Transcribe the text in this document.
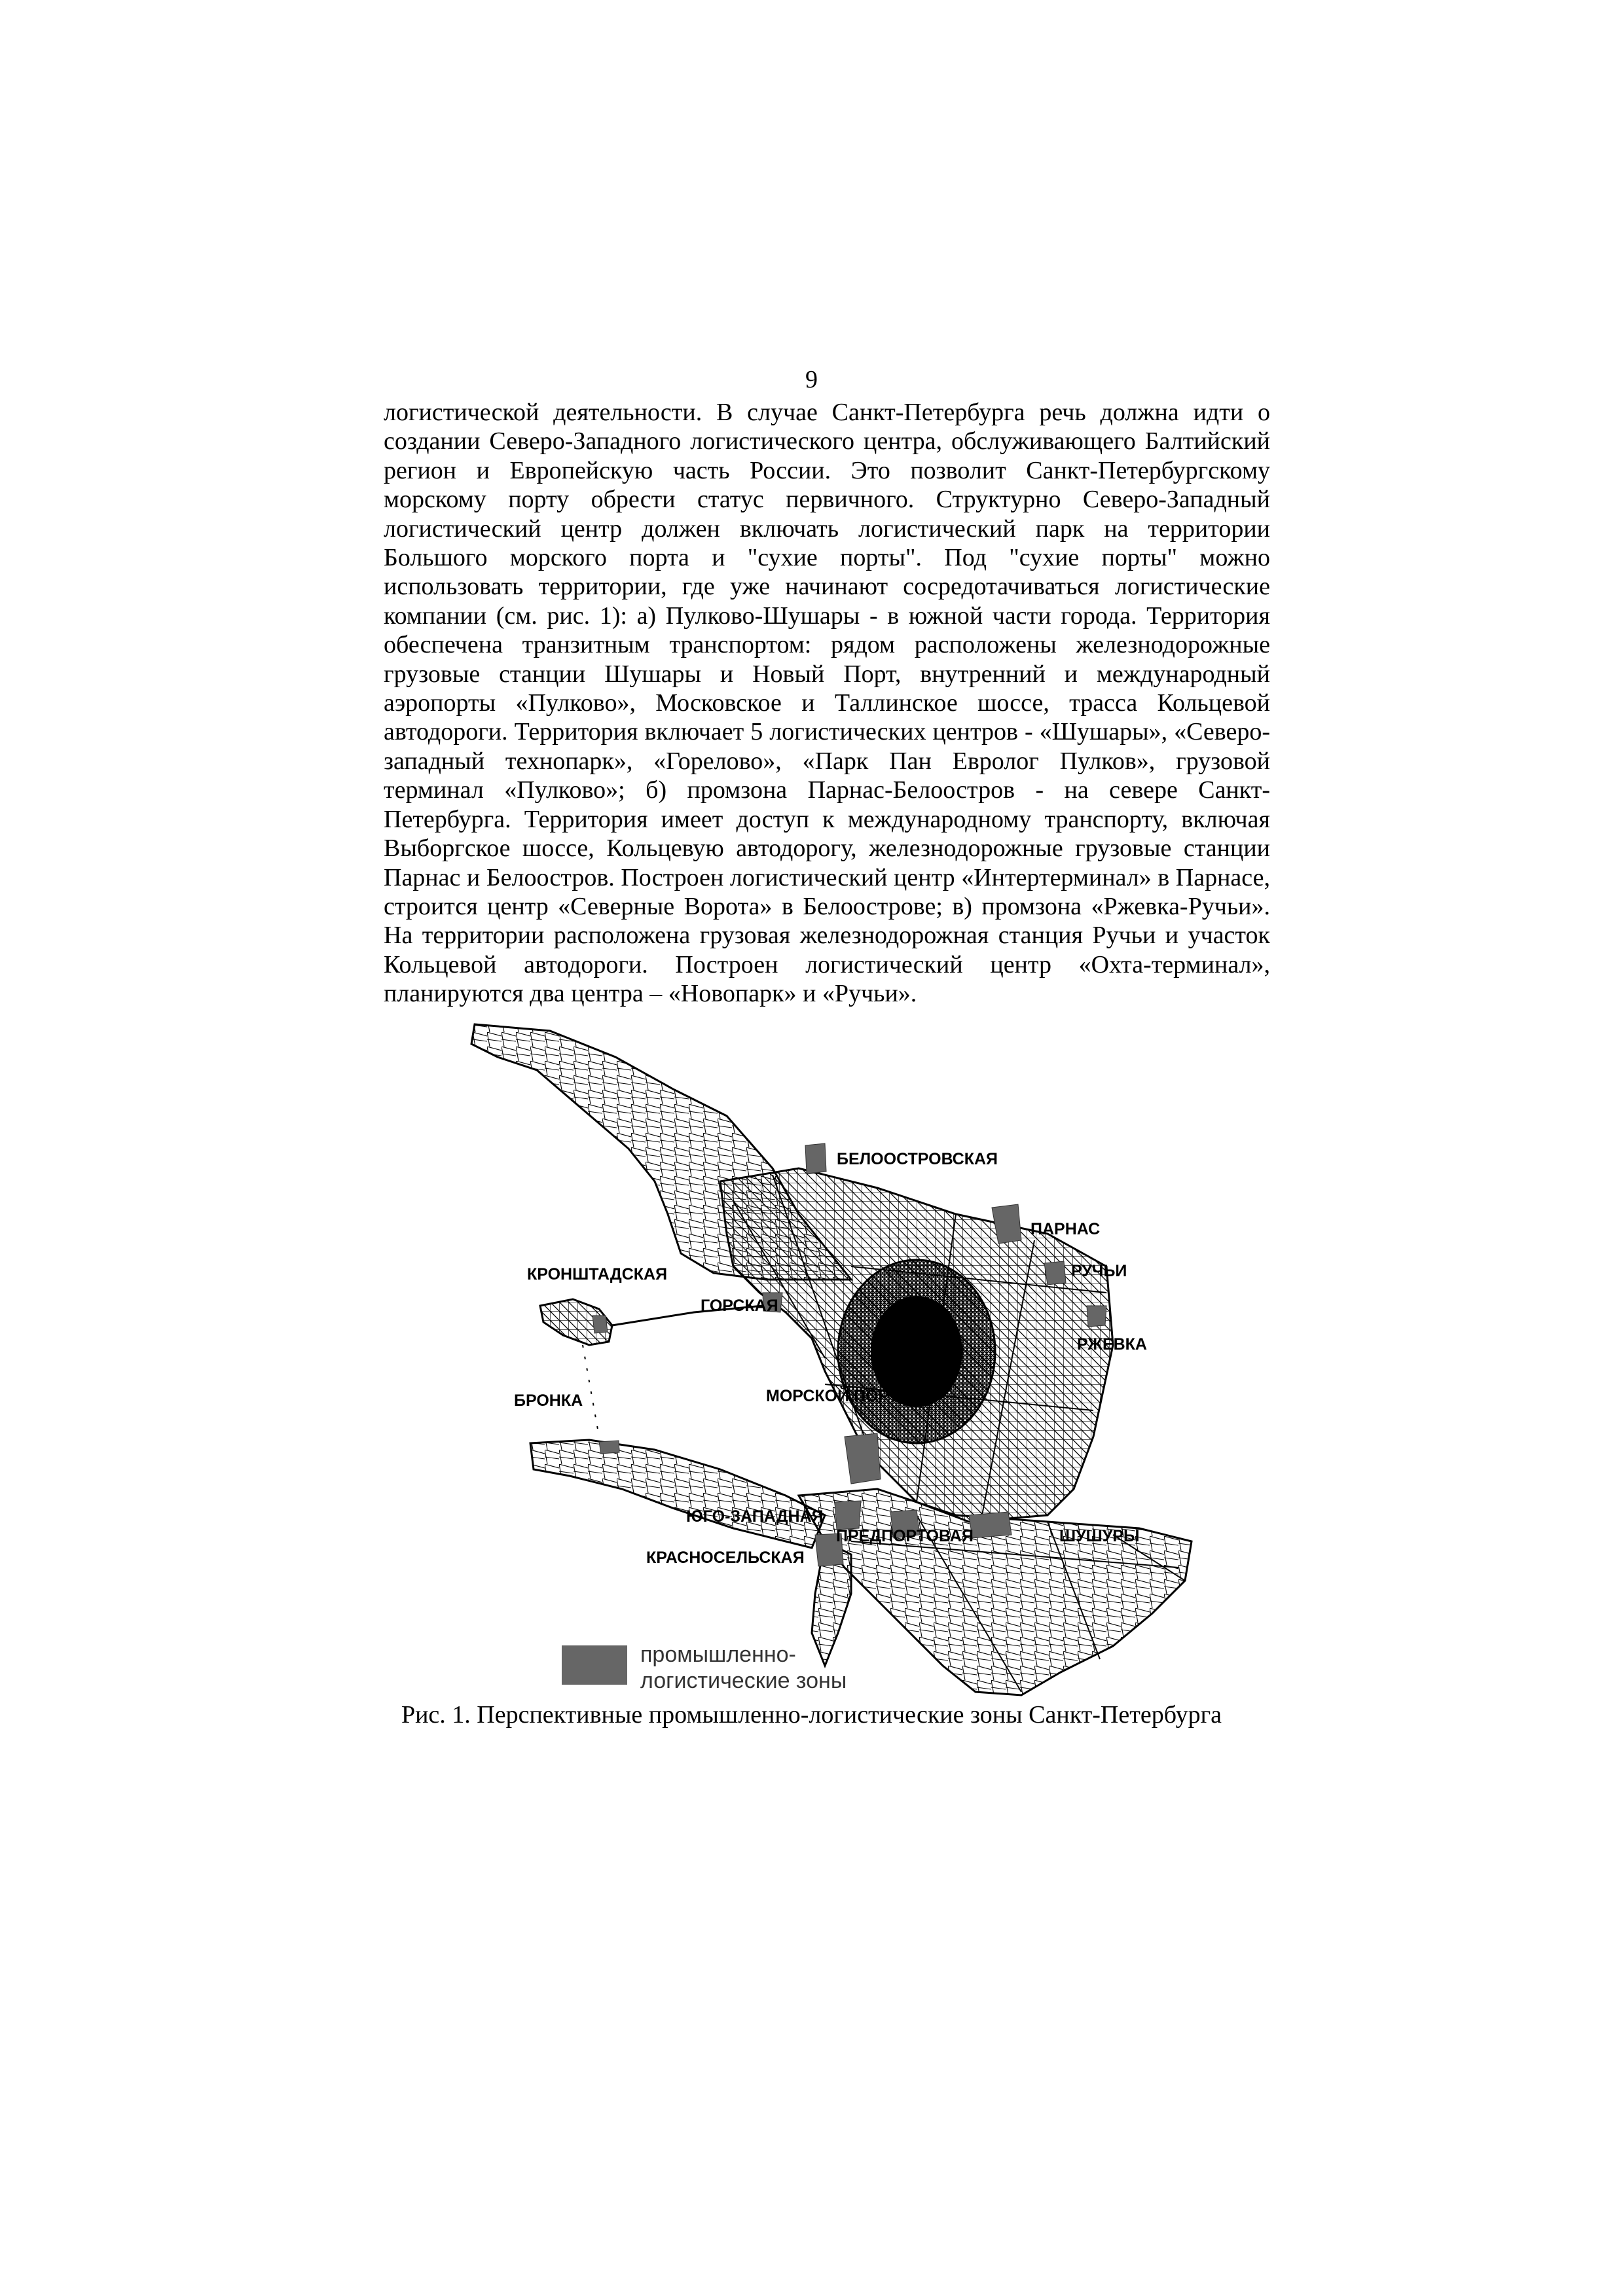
9
логистической деятельности. В случае Санкт-Петербурга речь должна идти о создании Северо-Западного логистического центра, обслуживающего Балтийский регион и Европейскую часть России. Это позволит Санкт-Петербургскому морскому порту обрести статус первичного. Структурно Северо-Западный логистический центр должен включать логистический парк на территории Большого морского порта и "сухие порты". Под "сухие порты" можно использовать территории, где уже начинают сосредотачиваться логистические компании (см. рис. 1): а) Пулково-Шушары - в южной части города. Территория обеспечена транзитным транспортом: рядом расположены железнодорожные грузовые станции Шушары и Новый Порт, внутренний и международный аэропорты «Пулково», Московское и Таллинское шоссе, трасса Кольцевой автодороги. Территория включает 5 логистических центров - «Шушары», «Северо-западный технопарк», «Горелово», «Парк Пан Евролог Пулков», грузовой терминал «Пулково»; б) промзона Парнас-Белоостров - на севере Санкт-Петербурга. Территория имеет доступ к международному транспорту, включая Выборгское шоссе, Кольцевую автодорогу, железнодорожные грузовые станции Парнас и Белоостров. Построен логистический центр «Интертерминал» в Парнасе, строится центр «Северные Ворота» в Белоострове; в) промзона «Ржевка-Ручьи». На территории расположена грузовая железнодорожная станция Ручьи и участок Кольцевой автодороги. Построен логистический центр «Охта-терминал», планируются два центра – «Новопарк» и «Ручьи».
БЕЛООСТРОВСКАЯ
ПАРНАС
КРОНШТАДСКАЯ	РУЧЬИ
ГОРСКАЯ
РЖЕВКА
БРОНКА	МОРСКОЙ ПОРТ
ЮГО-ЗАПАДНАЯ
ПРЕДПОРТОВАЯ	ШУШУРЫ
КРАСНОСЕЛЬСКАЯ
промышленно-
логистические зоны
Рис. 1. Перспективные промышленно-логистические зоны Санкт-Петербурга
